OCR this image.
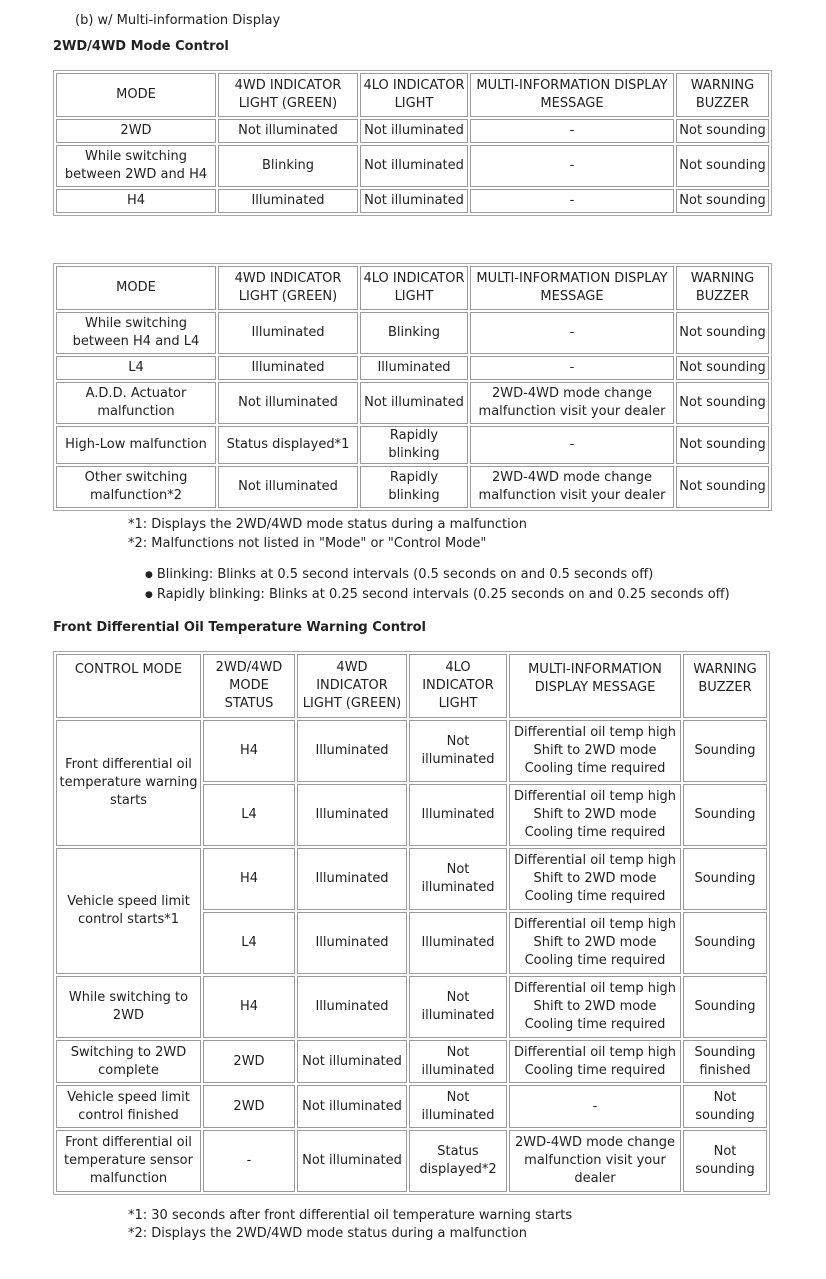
(b) w/ Multi-information Display
2WD/4WD Mode Control
MODE	4WD INDICATOR LIGHT (GREEN)	4LO INDICATOR LIGHT	MULTI-INFORMATION DISPLAY MESSAGE	WARNING BUZZER
2WD	Not illuminated	Not illuminated	-	Not sounding
While switching between 2WD and H4	Blinking	Not illuminated	-	Not sounding
H4	Illuminated	Not illuminated	-	Not sounding
MODE	4WD INDICATOR LIGHT (GREEN)	4LO INDICATOR LIGHT	MULTI-INFORMATION DISPLAY MESSAGE	WARNING BUZZER
While switching between H4 and L4	Illuminated	Blinking	-	Not sounding
L4	Illuminated	Illuminated	-	Not sounding
A.D.D. Actuator malfunction	Not illuminated	Not illuminated	2WD-4WD mode change malfunction visit your dealer	Not sounding
High-Low malfunction	Status displayed*1	Rapidly blinking	-	Not sounding
Other switching malfunction*2	Not illuminated	Rapidly blinking	2WD-4WD mode change malfunction visit your dealer	Not sounding
*1: Displays the 2WD/4WD mode status during a malfunction
*2: Malfunctions not listed in "Mode" or "Control Mode"
● Blinking: Blinks at 0.5 second intervals (0.5 seconds on and 0.5 seconds off)
● Rapidly blinking: Blinks at 0.25 second intervals (0.25 seconds on and 0.25 seconds off)
Front Differential Oil Temperature Warning Control
CONTROL MODE	2WD/4WD MODE STATUS	4WD INDICATOR LIGHT (GREEN)	4LO INDICATOR LIGHT	MULTI-INFORMATION DISPLAY MESSAGE	WARNING BUZZER
Front differential oil temperature warning starts	H4	Illuminated	Not illuminated	Differential oil temp high Shift to 2WD mode Cooling time required	Sounding
	L4	Illuminated	Illuminated	Differential oil temp high Shift to 2WD mode Cooling time required	Sounding
Vehicle speed limit control starts*1	H4	Illuminated	Not illuminated	Differential oil temp high Shift to 2WD mode Cooling time required	Sounding
	L4	Illuminated	Illuminated	Differential oil temp high Shift to 2WD mode Cooling time required	Sounding
While switching to 2WD	H4	Illuminated	Not illuminated	Differential oil temp high Shift to 2WD mode Cooling time required	Sounding
Switching to 2WD complete	2WD	Not illuminated	Not illuminated	Differential oil temp high Cooling time required	Sounding finished
Vehicle speed limit control finished	2WD	Not illuminated	Not illuminated	-	Not sounding
Front differential oil temperature sensor malfunction	-	Not illuminated	Status displayed*2	2WD-4WD mode change malfunction visit your dealer	Not sounding
*1: 30 seconds after front differential oil temperature warning starts
*2: Displays the 2WD/4WD mode status during a malfunction
